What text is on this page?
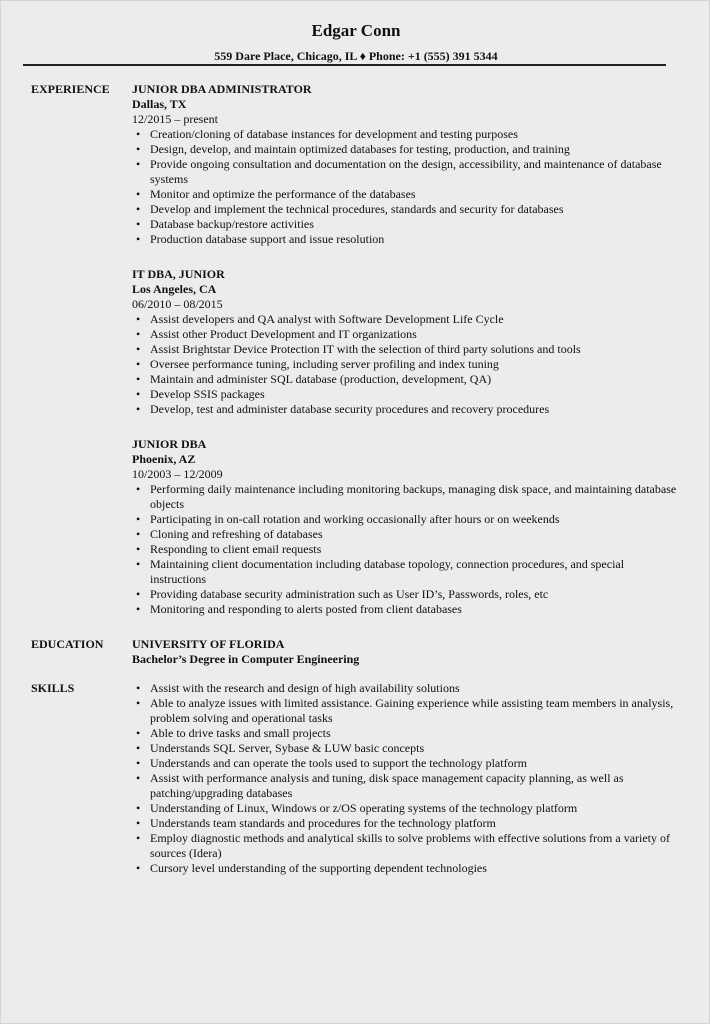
Edgar Conn
559 Dare Place, Chicago, IL ♦ Phone: +1 (555) 391 5344
EXPERIENCE JUNIOR DBA ADMINISTRATOR
Dallas, TX
12/2015 – present
• Creation/cloning of database instances for development and testing purposes
• Design, develop, and maintain optimized databases for testing, production, and training
• Provide ongoing consultation and documentation on the design, accessibility, and maintenance of database systems
• Monitor and optimize the performance of the databases
• Develop and implement the technical procedures, standards and security for databases
• Database backup/restore activities
• Production database support and issue resolution
IT DBA, JUNIOR
Los Angeles, CA
06/2010 – 08/2015
• Assist developers and QA analyst with Software Development Life Cycle
• Assist other Product Development and IT organizations
• Assist Brightstar Device Protection IT with the selection of third party solutions and tools
• Oversee performance tuning, including server profiling and index tuning
• Maintain and administer SQL database (production, development, QA)
• Develop SSIS packages
• Develop, test and administer database security procedures and recovery procedures
JUNIOR DBA
Phoenix, AZ
10/2003 – 12/2009
• Performing daily maintenance including monitoring backups, managing disk space, and maintaining database objects
• Participating in on-call rotation and working occasionally after hours or on weekends
• Cloning and refreshing of databases
• Responding to client email requests
• Maintaining client documentation including database topology, connection procedures, and special instructions
• Providing database security administration such as User ID’s, Passwords, roles, etc
• Monitoring and responding to alerts posted from client databases
EDUCATION UNIVERSITY OF FLORIDA
Bachelor’s Degree in Computer Engineering
SKILLS
•	Assist with the research and design of high availability solutions
• Able to analyze issues with limited assistance. Gaining experience while assisting team members in analysis, problem solving and operational tasks
• Able to drive tasks and small projects
• Understands SQL Server, Sybase & LUW basic concepts
• Understands and can operate the tools used to support the technology platform
• Assist with performance analysis and tuning, disk space management capacity planning, as well as patching/upgrading databases
• Understanding of Linux, Windows or z/OS operating systems of the technology platform
• Understands team standards and procedures for the technology platform
• Employ diagnostic methods and analytical skills to solve problems with effective solutions from a variety of sources (Idera)
• Cursory level understanding of the supporting dependent technologies
